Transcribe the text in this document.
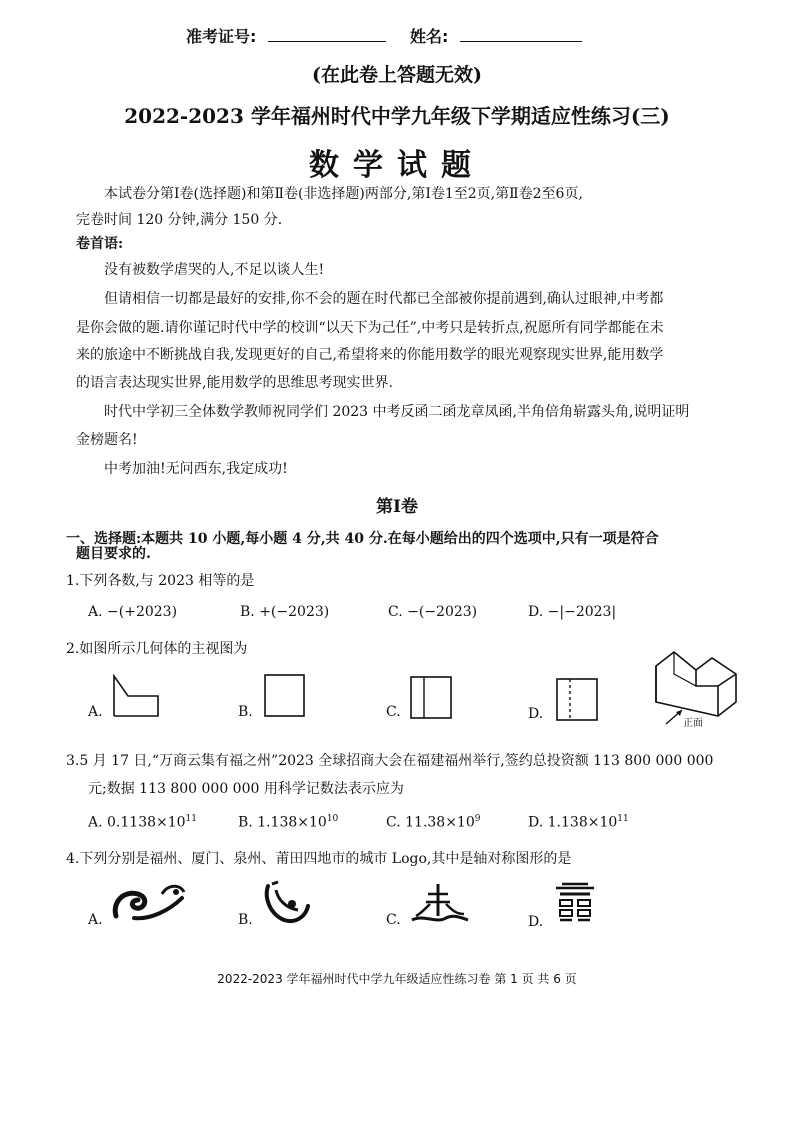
准考证号:	姓名:
(在此卷上答题无效)
2022-2023 学年福州时代中学九年级下学期适应性练习(三)
数学试题
本试卷分第Ⅰ卷(选择题)和第Ⅱ卷(非选择题)两部分,第Ⅰ卷1至2页,第Ⅱ卷2至6页,
完卷时间 120 分钟,满分 150 分.
卷首语:
没有被数学虐哭的人,不足以谈人生!
但请相信一切都是最好的安排,你不会的题在时代都已全部被你提前遇到,确认过眼神,中考都
是你会做的题.请你谨记时代中学的校训“以天下为己任”,中考只是转折点,祝愿所有同学都能在未
来的旅途中不断挑战自我,发现更好的自己,希望将来的你能用数学的眼光观察现实世界,能用数学
的语言表达现实世界,能用数学的思维思考现实世界.
时代中学初三全体数学教师祝同学们 2023 中考反函二函龙章凤函,半角倍角崭露头角,说明证明
金榜题名!
中考加油!无问西东,我定成功!
第Ⅰ卷
一、选择题:本题共 10 小题,每小题 4 分,共 40 分.在每小题给出的四个选项中,只有一项是符合
题目要求的.
1.下列各数,与 2023 相等的是
A. −(+2023)	B. +(−2023)	C. −(−2023)	D. −|−2023|
2.如图所示几何体的主视图为
A.	B.	C.	D.
正面
3.5 月 17 日,“万商云集有福之州”2023 全球招商大会在福建福州举行,签约总投资额 113 800 000 000
元;数据 113 800 000 000 用科学记数法表示应为
A. $0.1138\times 10^{11}$	B. $1.138\times 10^{10}$	C. $11.38\times 10^9$	D. $1.138\times 10^{11}$
4.下列分别是福州、厦门、泉州、莆田四地市的城市 Logo,其中是轴对称图形的是
A.	B.	C.	D.
2022-2023 学年福州时代中学九年级适应性练习卷 第 1 页 共 6 页
